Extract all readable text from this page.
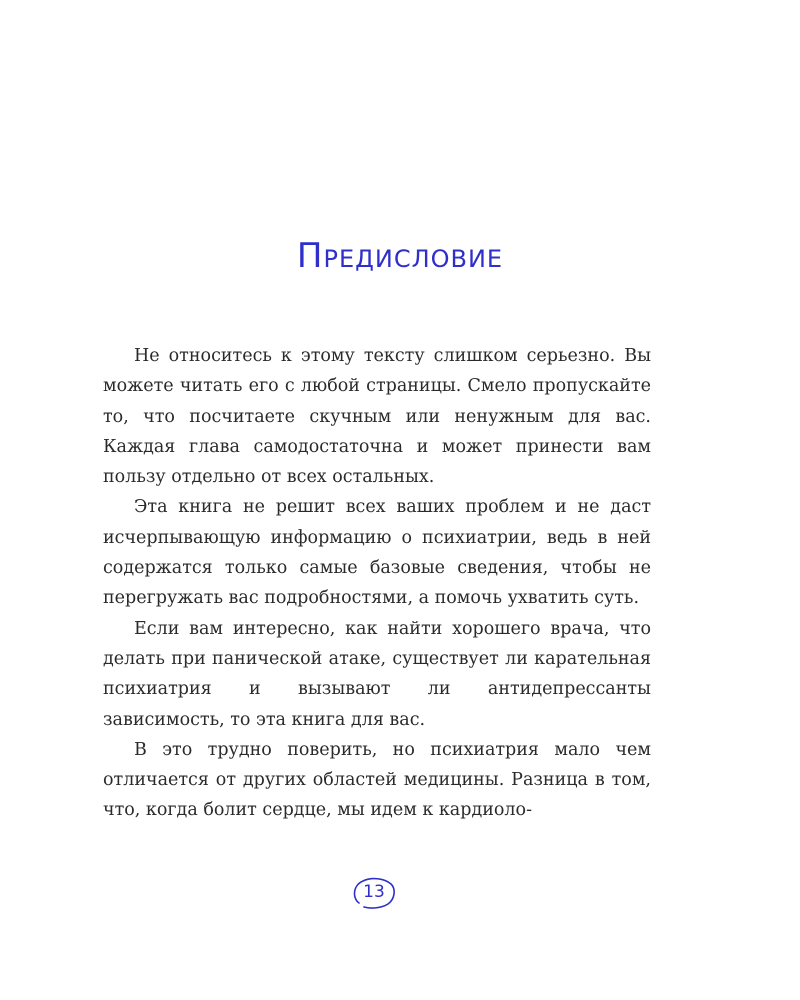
Предисловие

Не относитесь к этому тексту слишком серьезно. Вы можете читать его с любой страницы. Смело пропускайте то, что посчитаете скучным или ненужным для вас. Каждая глава самодостаточна и может принести вам пользу отдельно от всех остальных.

Эта книга не решит всех ваших проблем и не даст исчерпывающую информацию о психиатрии, ведь в ней содержатся только самые базовые сведения, чтобы не перегружать вас подробностями, а помочь ухватить суть.

Если вам интересно, как найти хорошего врача, что делать при панической атаке, существует ли карательная психиатрия и вызывают ли антидепрессанты зависимость, то эта книга для вас.

В это трудно поверить, но психиатрия мало чем отличается от других областей медицины. Разница в том, что, когда болит сердце, мы идем к кардиоло-

13
